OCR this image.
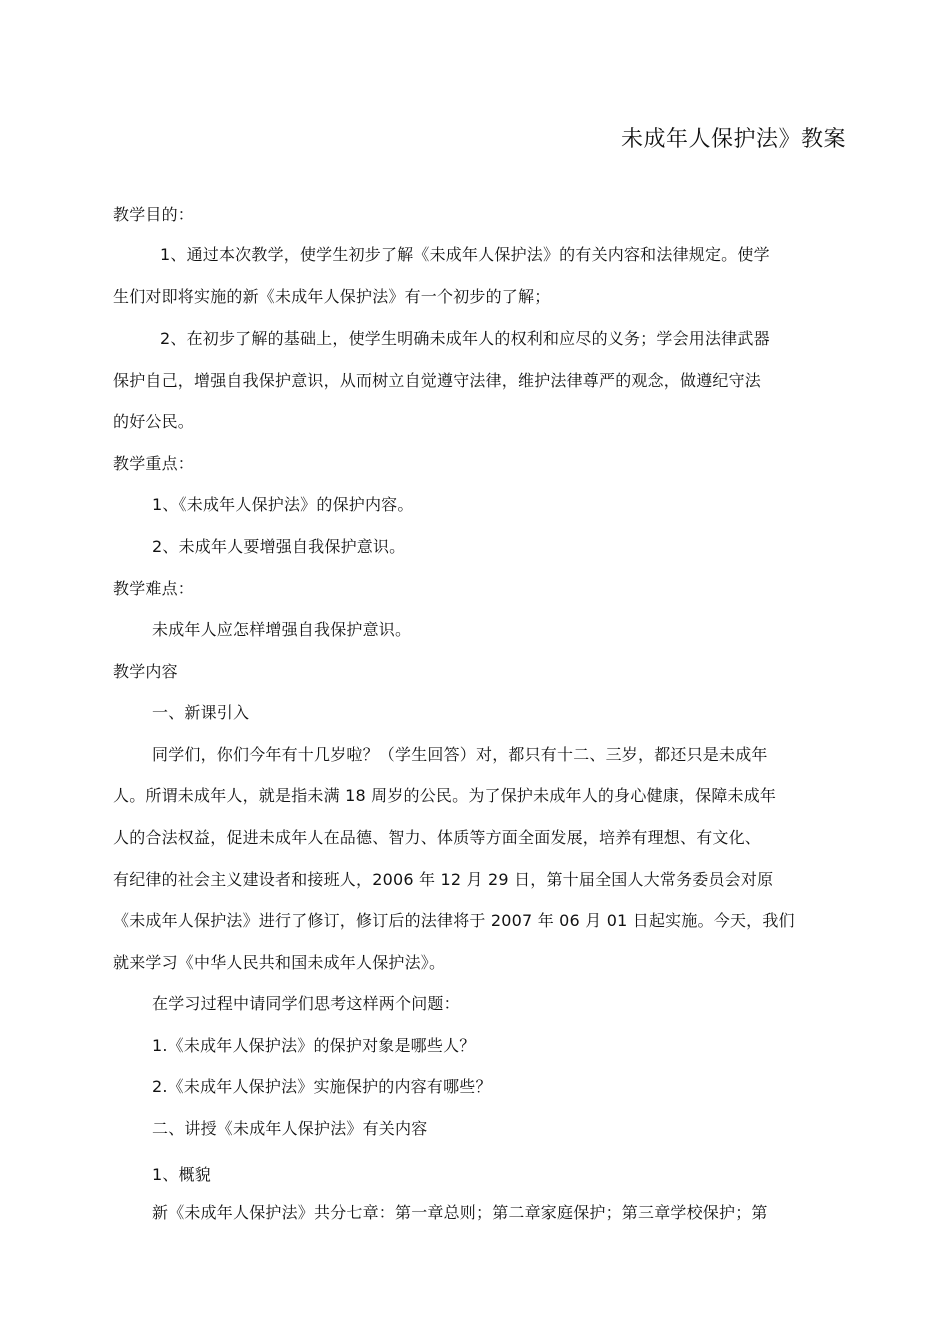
未成年人保护法》教案
教学目的：
1、通过本次教学，使学生初步了解《未成年人保护法》的有关内容和法律规定。使学
生们对即将实施的新《未成年人保护法》有一个初步的了解；
2、在初步了解的基础上，使学生明确未成年人的权利和应尽的义务；学会用法律武器
保护自己，增强自我保护意识，从而树立自觉遵守法律，维护法律尊严的观念，做遵纪守法
的好公民。
教学重点：
1、《未成年人保护法》的保护内容。
2、未成年人要增强自我保护意识。
教学难点：
未成年人应怎样增强自我保护意识。
教学内容
一、新课引入
同学们，你们今年有十几岁啦？（学生回答）对，都只有十二、三岁，都还只是未成年
人。所谓未成年人，就是指未满 18 周岁的公民。为了保护未成年人的身心健康，保障未成年
人的合法权益，促进未成年人在品德、智力、体质等方面全面发展，培养有理想、有文化、
有纪律的社会主义建设者和接班人，2006 年 12 月 29 日，第十届全国人大常务委员会对原
《未成年人保护法》进行了修订，修订后的法律将于 2007 年 06 月 01 日起实施。今天，我们
就来学习《中华人民共和国未成年人保护法》。
在学习过程中请同学们思考这样两个问题：
1.《未成年人保护法》的保护对象是哪些人？
2.《未成年人保护法》实施保护的内容有哪些？
二、讲授《未成年人保护法》有关内容
1、概貌
新《未成年人保护法》共分七章：第一章总则；第二章家庭保护；第三章学校保护；第
